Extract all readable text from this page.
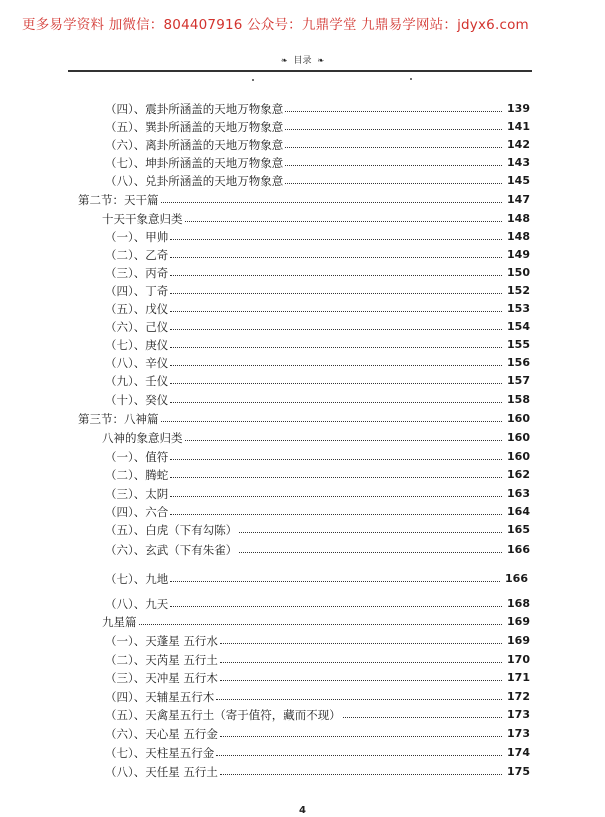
更多易学资料 加微信：804407916 公众号：九鼎学堂 九鼎易学网站：jdyx6.com
❧ 目录 ❧
（四）、震卦所涵盖的天地万物象意	139
（五）、巽卦所涵盖的天地万物象意	141
（六）、离卦所涵盖的天地万物象意	142
（七）、坤卦所涵盖的天地万物象意	143
（八）、兑卦所涵盖的天地万物象意	145
第二节：天干篇	147
十天干象意归类	148
（一）、甲帅	148
（二）、乙奇	149
（三）、丙奇	150
（四）、丁奇	152
（五）、戊仪	153
（六）、己仪	154
（七）、庚仪	155
（八）、辛仪	156
（九）、壬仪	157
（十）、癸仪	158
第三节：八神篇	160
八神的象意归类	160
（一）、值符	160
（二）、腾蛇	162
（三）、太阴	163
（四）、六合	164
（五）、白虎（下有勾陈）	165
（六）、玄武（下有朱雀）	166
（七）、九地	166
（八）、九天	168
九星篇	169
（一）、天蓬星 五行水	169
（二）、天芮星 五行土	170
（三）、天冲星 五行木	171
（四）、天辅星五行木	172
（五）、天禽星五行土（寄于值符，藏而不现）	173
（六）、天心星 五行金	173
（七）、天柱星五行金	174
（八）、天任星 五行土	175
4
